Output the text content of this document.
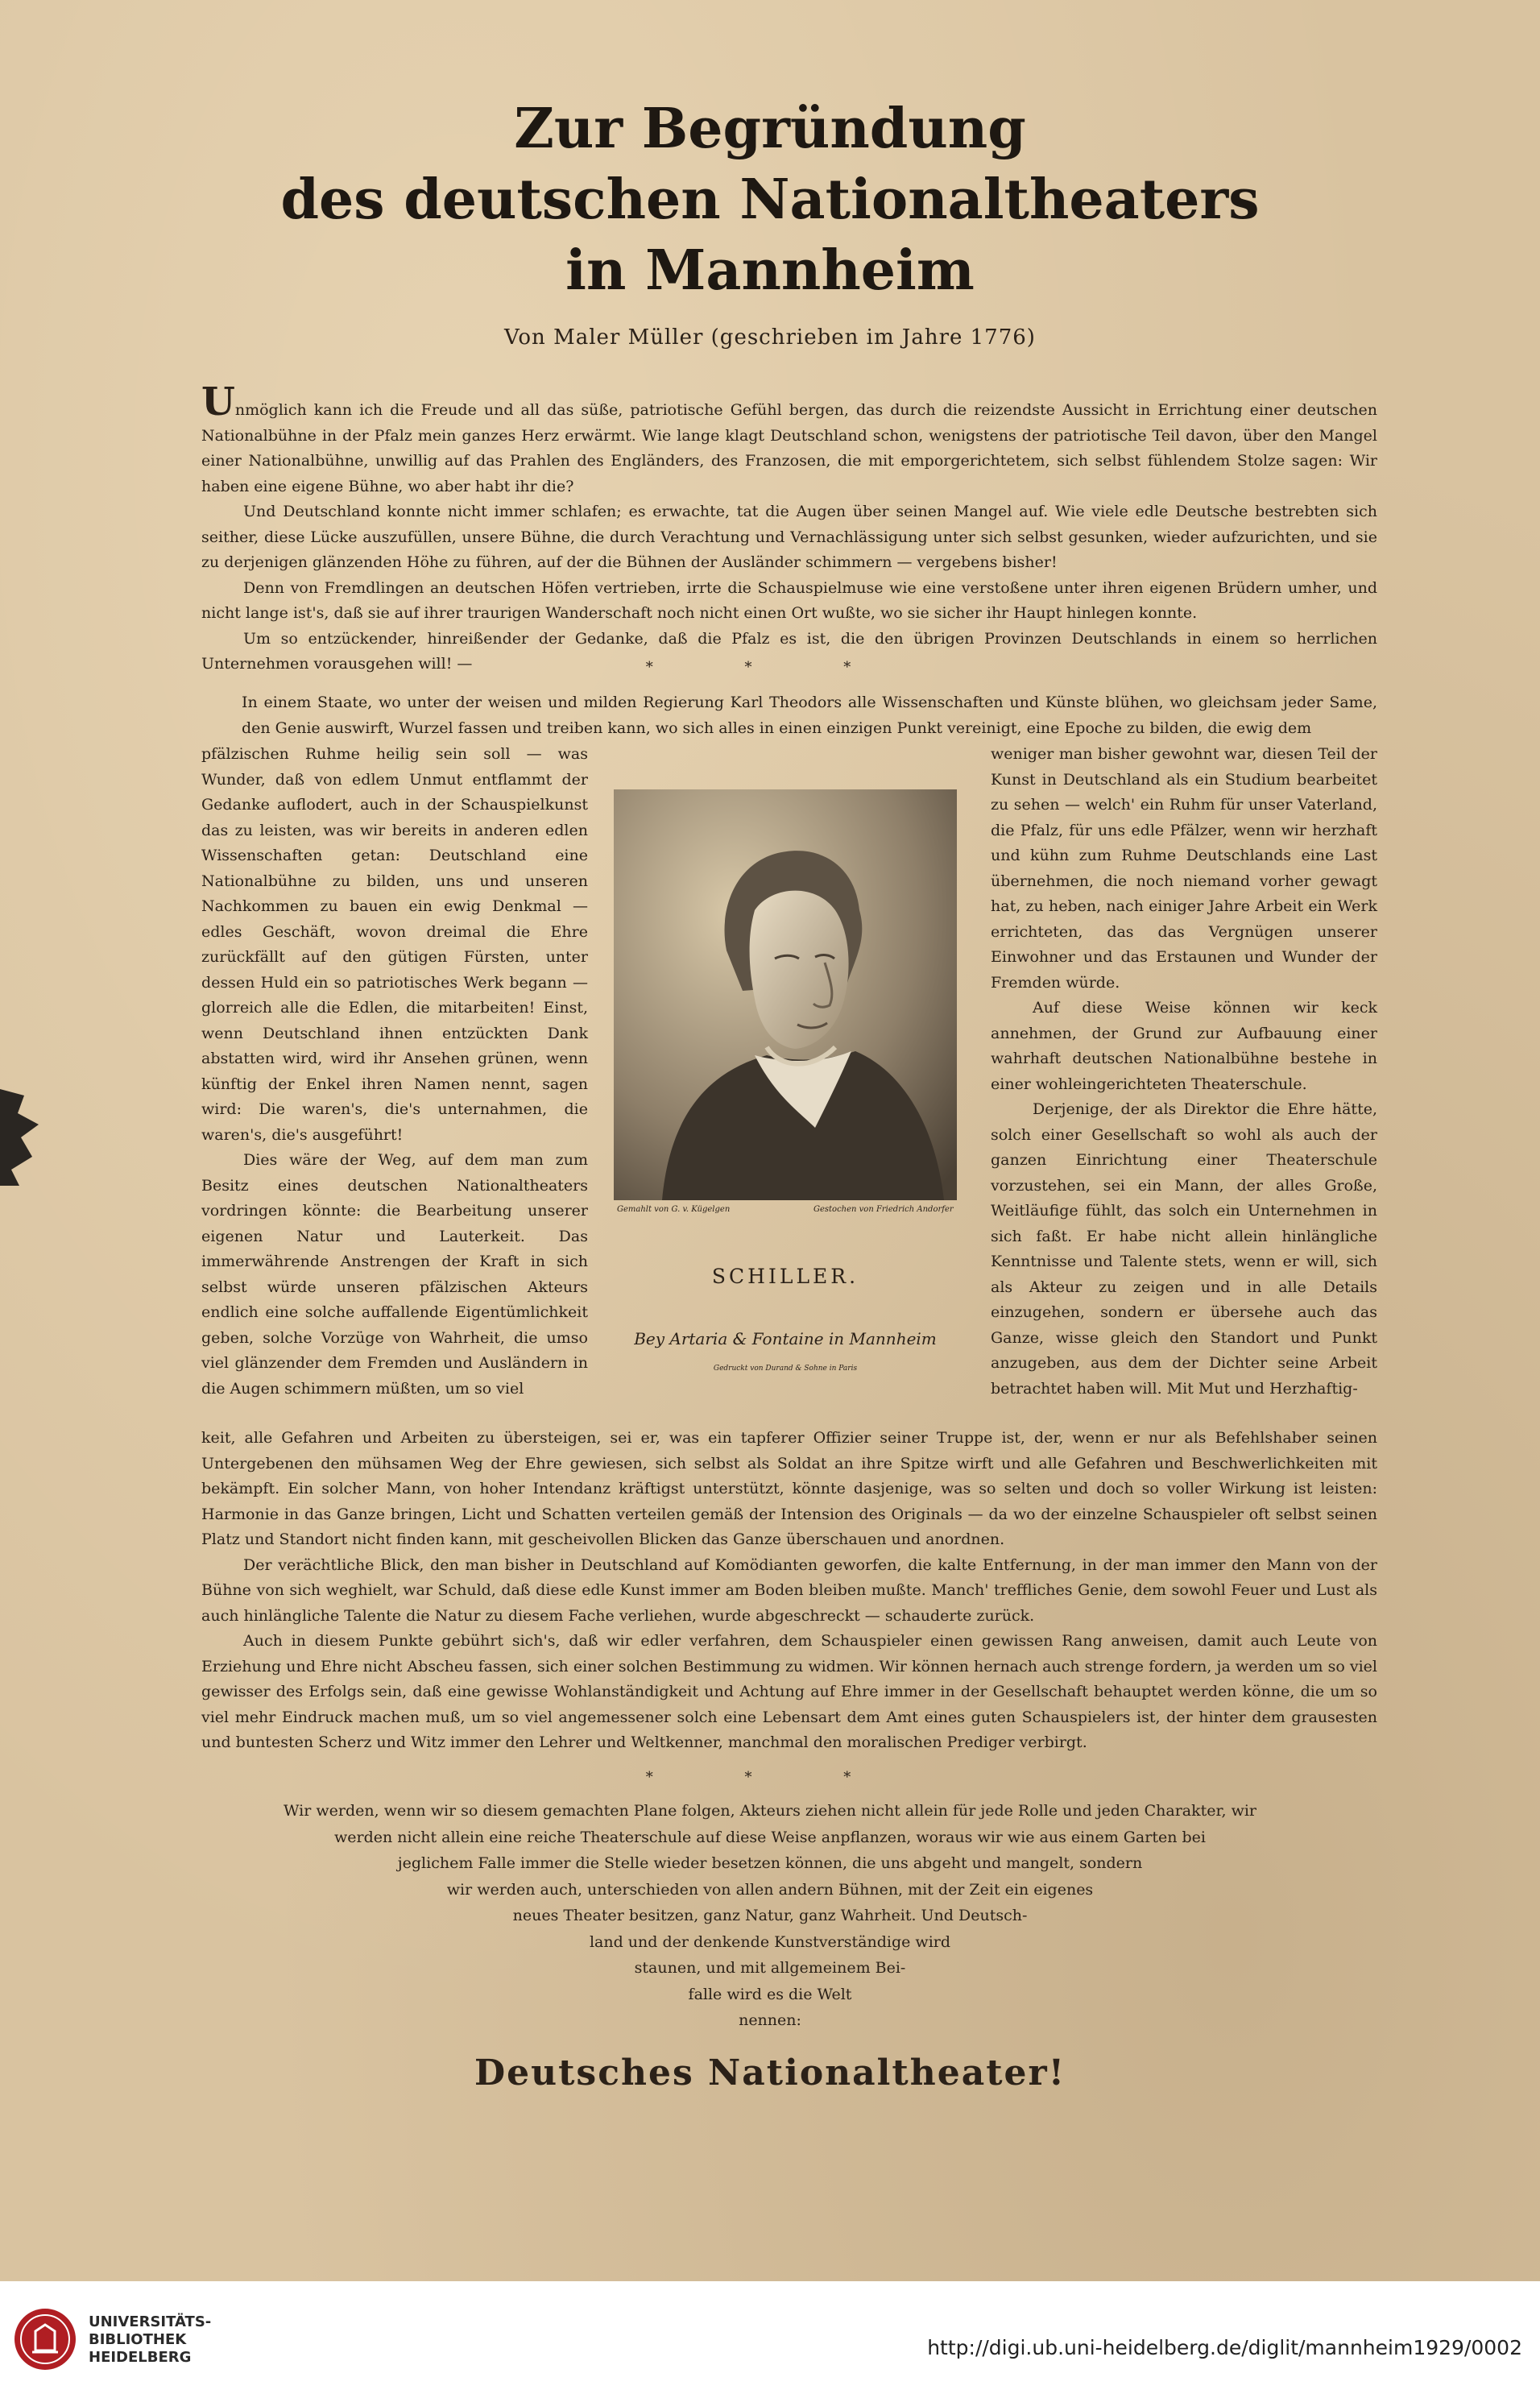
Zur Begründung
des deutschen Nationaltheaters
in Mannheim
Von Maler Müller (geschrieben im Jahre 1776)
Unmöglich kann ich die Freude und all das süße, patriotische Gefühl bergen, das durch die reizendste Aussicht in Errichtung einer deutschen Nationalbühne in der Pfalz mein ganzes Herz erwärmt. Wie lange klagt Deutschland schon, wenigstens der patriotische Teil davon, über den Mangel einer Nationalbühne, unwillig auf das Prahlen des Engländers, des Franzosen, die mit emporgerichtetem, sich selbst fühlendem Stolze sagen: Wir haben eine eigene Bühne, wo aber habt ihr die?
Und Deutschland konnte nicht immer schlafen; es erwachte, tat die Augen über seinen Mangel auf. Wie viele edle Deutsche bestrebten sich seither, diese Lücke auszufüllen, unsere Bühne, die durch Verachtung und Vernachlässigung unter sich selbst gesunken, wieder aufzurichten, und sie zu derjenigen glänzenden Höhe zu führen, auf der die Bühnen der Ausländer schimmern — vergebens bisher!
Denn von Fremdlingen an deutschen Höfen vertrieben, irrte die Schauspielmuse wie eine verstoßene unter ihren eigenen Brüdern umher, und nicht lange ist's, daß sie auf ihrer traurigen Wanderschaft noch nicht einen Ort wußte, wo sie sicher ihr Haupt hinlegen konnte.
Um so entzückender, hinreißender der Gedanke, daß die Pfalz es ist, die den übrigen Provinzen Deutschlands in einem so herrlichen Unternehmen vorausgehen will! —	* * *
In einem Staate, wo unter der weisen und milden Regierung Karl Theodors alle Wissenschaften und Künste blühen, wo gleichsam jeder Same, den Genie auswirft, Wurzel fassen und treiben kann, wo sich alles in einen einzigen Punkt vereinigt, eine Epoche zu bilden, die ewig dem
pfälzischen Ruhme heilig sein soll — was Wunder, daß von edlem Unmut entflammt der Gedanke auflodert, auch in der Schauspielkunst das zu leisten, was wir bereits in anderen edlen Wissenschaften getan: Deutschland eine Nationalbühne zu bilden, uns und unseren Nachkommen zu bauen ein ewig Denkmal — edles Geschäft, wovon dreimal die Ehre zurückfällt auf den gütigen Fürsten, unter dessen Huld ein so patriotisches Werk begann — glorreich alle die Edlen, die mitarbeiten! Einst, wenn Deutschland ihnen entzückten Dank abstatten wird, wird ihr Ansehen grünen, wenn künftig der Enkel ihren Namen nennt, sagen wird: Die waren's, die's unternahmen, die waren's, die's ausgeführt!
Dies wäre der Weg, auf dem man zum Besitz eines deutschen Nationaltheaters vordringen könnte: die Bearbeitung unserer eigenen Natur und Lauterkeit. Das immerwährende Anstrengen der Kraft in sich selbst würde unseren pfälzischen Akteurs endlich eine solche auffallende Eigentümlichkeit geben, solche Vorzüge von Wahrheit, die umso viel glänzender dem Fremden und Ausländern in die Augen schimmern müßten, um so viel
weniger man bisher gewohnt war, diesen Teil der Kunst in Deutschland als ein Studium bearbeitet zu sehen — welch' ein Ruhm für unser Vaterland, die Pfalz, für uns edle Pfälzer, wenn wir herzhaft und kühn zum Ruhme Deutschlands eine Last übernehmen, die noch niemand vorher gewagt hat, zu heben, nach einiger Jahre Arbeit ein Werk errichteten, das das Vergnügen unserer Einwohner und das Erstaunen und Wunder der Fremden würde.
Auf diese Weise können wir keck annehmen, der Grund zur Aufbauung einer wahrhaft deutschen Nationalbühne bestehe in einer wohleingerichteten Theaterschule.
Derjenige, der als Direktor die Ehre hätte, solch einer Gesellschaft so wohl als auch der ganzen Einrichtung einer Theaterschule vorzustehen, sei ein Mann, der alles Große, Weitläufige fühlt, das solch ein Unternehmen in sich faßt. Er habe nicht allein hinlängliche Kenntnisse und Talente stets, wenn er will, sich als Akteur zu zeigen und in alle Details einzugehen, sondern er übersehe auch das Ganze, wisse gleich den Standort und Punkt anzugeben, aus dem der Dichter seine Arbeit betrachtet haben will. Mit Mut und Herzhaftig-
Gemahlt von G. v. Kügelgen	Gestochen von Friedrich Andorfer
SCHILLER.
Bey Artaria & Fontaine in Mannheim
Gedruckt von Durand & Sohne in Paris
keit, alle Gefahren und Arbeiten zu übersteigen, sei er, was ein tapferer Offizier seiner Truppe ist, der, wenn er nur als Befehlshaber seinen Untergebenen den mühsamen Weg der Ehre gewiesen, sich selbst als Soldat an ihre Spitze wirft und alle Gefahren und Beschwerlichkeiten mit bekämpft. Ein solcher Mann, von hoher Intendanz kräftigst unterstützt, könnte dasjenige, was so selten und doch so voller Wirkung ist leisten: Harmonie in das Ganze bringen, Licht und Schatten verteilen gemäß der Intension des Originals — da wo der einzelne Schauspieler oft selbst seinen Platz und Standort nicht finden kann, mit gescheivollen Blicken das Ganze überschauen und anordnen.
Der verächtliche Blick, den man bisher in Deutschland auf Komödianten geworfen, die kalte Entfernung, in der man immer den Mann von der Bühne von sich weghielt, war Schuld, daß diese edle Kunst immer am Boden bleiben mußte. Manch' treffliches Genie, dem sowohl Feuer und Lust als auch hinlängliche Talente die Natur zu diesem Fache verliehen, wurde abgeschreckt — schauderte zurück.
Auch in diesem Punkte gebührt sich's, daß wir edler verfahren, dem Schauspieler einen gewissen Rang anweisen, damit auch Leute von Erziehung und Ehre nicht Abscheu fassen, sich einer solchen Bestimmung zu widmen. Wir können hernach auch strenge fordern, ja werden um so viel gewisser des Erfolgs sein, daß eine gewisse Wohlanständigkeit und Achtung auf Ehre immer in der Gesellschaft behauptet werden könne, die um so viel mehr Eindruck machen muß, um so viel angemessener solch eine Lebensart dem Amt eines guten Schauspielers ist, der hinter dem grausesten und buntesten Scherz und Witz immer den Lehrer und Weltkenner, manchmal den moralischen Prediger verbirgt.
* * *
Wir werden, wenn wir so diesem gemachten Plane folgen, Akteurs ziehen nicht allein für jede Rolle und jeden Charakter, wir
werden nicht allein eine reiche Theaterschule auf diese Weise anpflanzen, woraus wir wie aus einem Garten bei
jeglichem Falle immer die Stelle wieder besetzen können, die uns abgeht und mangelt, sondern
wir werden auch, unterschieden von allen andern Bühnen, mit der Zeit ein eigenes
neues Theater besitzen, ganz Natur, ganz Wahrheit. Und Deutsch-
land und der denkende Kunstverständige wird
staunen, und mit allgemeinem Bei-
falle wird es die Welt
nennen:
Deutsches Nationaltheater!
UNIVERSITÄTS-
BIBLIOTHEK
HEIDELBERG	http://digi.ub.uni-heidelberg.de/diglit/mannheim1929/0002
